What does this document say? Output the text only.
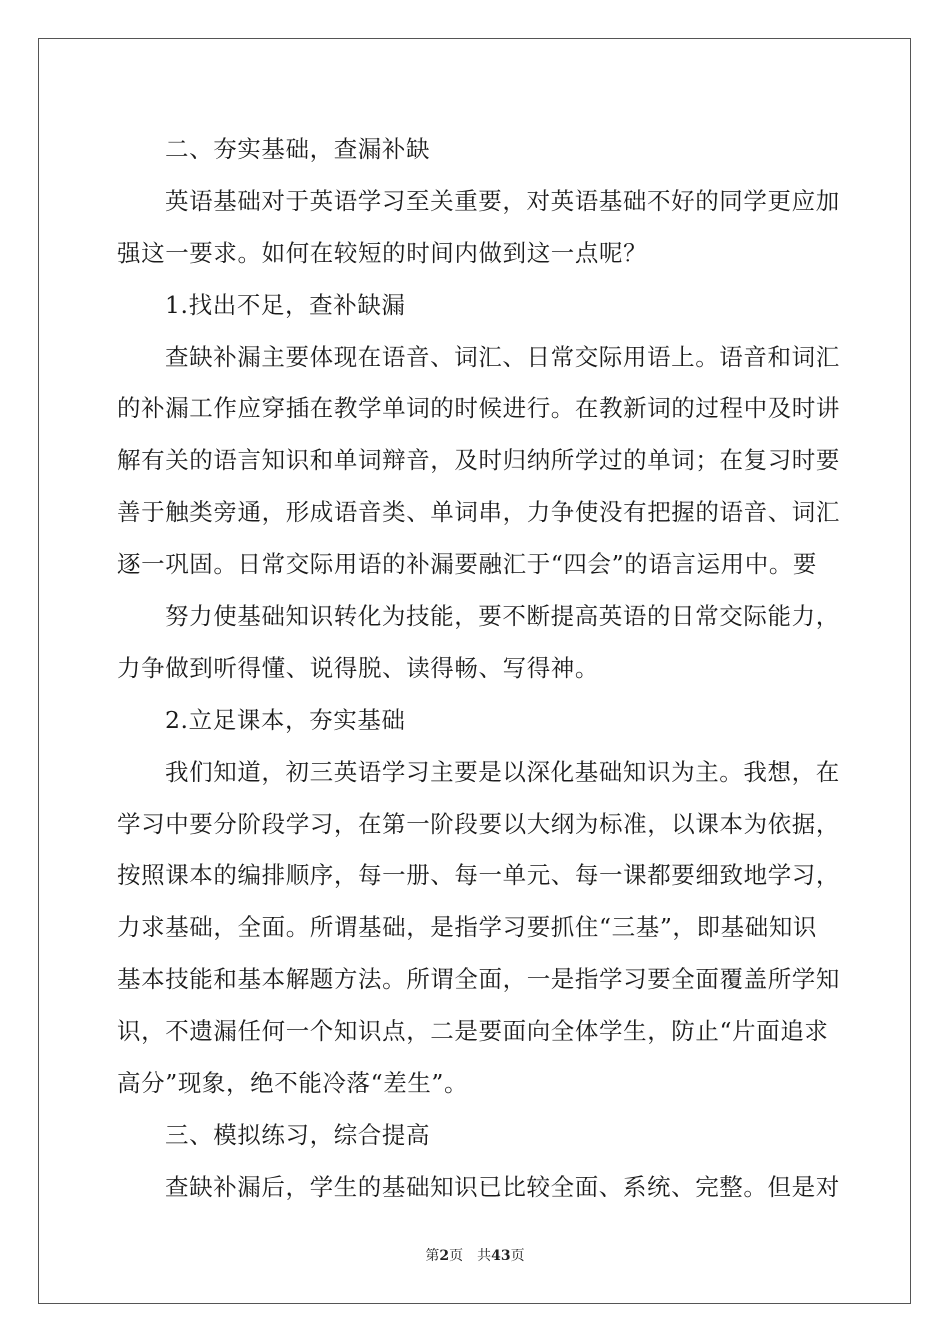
二、夯实基础，查漏补缺
英语基础对于英语学习至关重要，对英语基础不好的同学更应加
强这一要求。如何在较短的时间内做到这一点呢？
1.找出不足，查补缺漏
查缺补漏主要体现在语音、词汇、日常交际用语上。语音和词汇
的补漏工作应穿插在教学单词的时候进行。在教新词的过程中及时讲
解有关的语言知识和单词辩音，及时归纳所学过的单词；在复习时要
善于触类旁通，形成语音类、单词串，力争使没有把握的语音、词汇
逐一巩固。日常交际用语的补漏要融汇于“四会”的语言运用中。要
努力使基础知识转化为技能，要不断提高英语的日常交际能力，
力争做到听得懂、说得脱、读得畅、写得神。
2.立足课本，夯实基础
我们知道，初三英语学习主要是以深化基础知识为主。我想，在
学习中要分阶段学习，在第一阶段要以大纲为标准，以课本为依据，
按照课本的编排顺序，每一册、每一单元、每一课都要细致地学习，
力求基础，全面。所谓基础，是指学习要抓住“三基”，即基础知识
基本技能和基本解题方法。所谓全面，一是指学习要全面覆盖所学知
识，不遗漏任何一个知识点，二是要面向全体学生，防止“片面追求
高分”现象，绝不能冷落“差生”。
三、模拟练习，综合提高
查缺补漏后，学生的基础知识已比较全面、系统、完整。但是对
第2页　共43页
